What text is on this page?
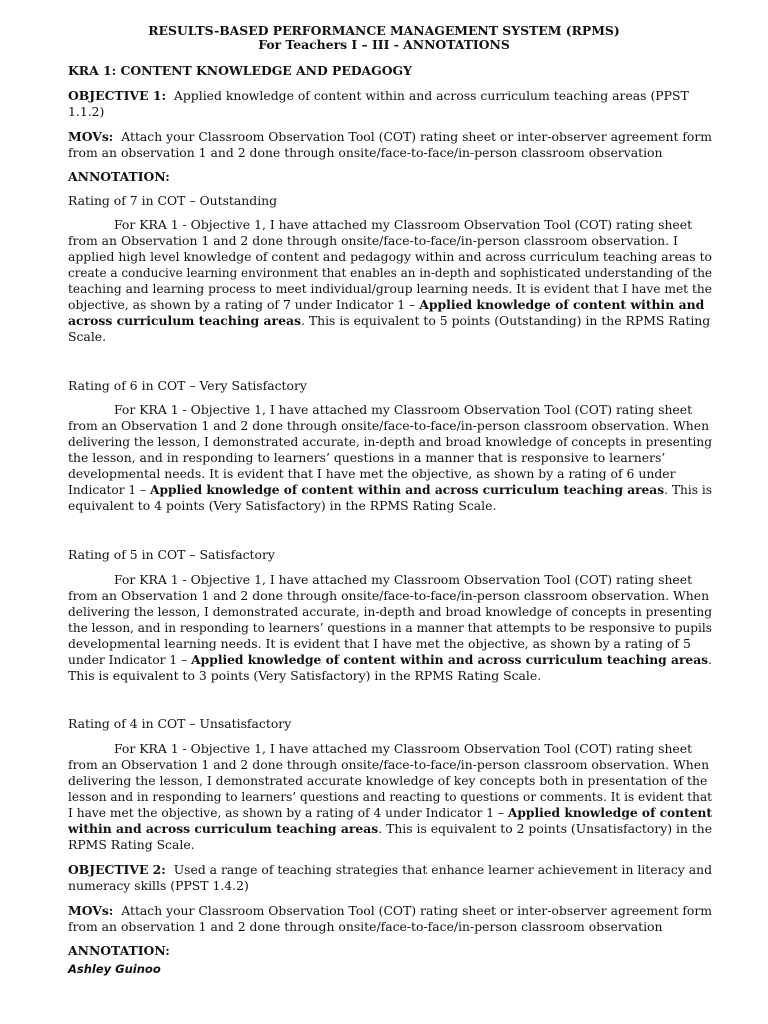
RESULTS-BASED PERFORMANCE MANAGEMENT SYSTEM (RPMS)

For Teachers I – III - ANNOTATIONS

KRA 1: CONTENT KNOWLEDGE AND PEDAGOGY

OBJECTIVE 1: Applied knowledge of content within and across curriculum teaching areas (PPST

1.1.2)

MOVs: Attach your Classroom Observation Tool (COT) rating sheet or inter-observer agreement form

from an observation 1 and 2 done through onsite/face-to-face/in-person classroom observation

ANNOTATION:

Rating of 7 in COT – Outstanding

For KRA 1 - Objective 1, I have attached my Classroom Observation Tool (COT) rating sheet

from an Observation 1 and 2 done through onsite/face-to-face/in-person classroom observation. I

applied high level knowledge of content and pedagogy within and across curriculum teaching areas to

create a conducive learning environment that enables an in-depth and sophisticated understanding of the

teaching and learning process to meet individual/group learning needs. It is evident that I have met the

objective, as shown by a rating of 7 under Indicator 1 – Applied knowledge of content within and

across curriculum teaching areas. This is equivalent to 5 points (Outstanding) in the RPMS Rating

Scale.

Rating of 6 in COT – Very Satisfactory

For KRA 1 - Objective 1, I have attached my Classroom Observation Tool (COT) rating sheet

from an Observation 1 and 2 done through onsite/face-to-face/in-person classroom observation. When

delivering the lesson, I demonstrated accurate, in-depth and broad knowledge of concepts in presenting

the lesson, and in responding to learners’ questions in a manner that is responsive to learners’

developmental needs. It is evident that I have met the objective, as shown by a rating of 6 under

Indicator 1 – Applied knowledge of content within and across curriculum teaching areas. This is

equivalent to 4 points (Very Satisfactory) in the RPMS Rating Scale.

Rating of 5 in COT – Satisfactory

For KRA 1 - Objective 1, I have attached my Classroom Observation Tool (COT) rating sheet

from an Observation 1 and 2 done through onsite/face-to-face/in-person classroom observation. When

delivering the lesson, I demonstrated accurate, in-depth and broad knowledge of concepts in presenting

the lesson, and in responding to learners’ questions in a manner that attempts to be responsive to pupils

developmental learning needs. It is evident that I have met the objective, as shown by a rating of 5

under Indicator 1 – Applied knowledge of content within and across curriculum teaching areas.

This is equivalent to 3 points (Very Satisfactory) in the RPMS Rating Scale.

Rating of 4 in COT – Unsatisfactory

For KRA 1 - Objective 1, I have attached my Classroom Observation Tool (COT) rating sheet

from an Observation 1 and 2 done through onsite/face-to-face/in-person classroom observation. When

delivering the lesson, I demonstrated accurate knowledge of key concepts both in presentation of the

lesson and in responding to learners’ questions and reacting to questions or comments. It is evident that

I have met the objective, as shown by a rating of 4 under Indicator 1 – Applied knowledge of content

within and across curriculum teaching areas. This is equivalent to 2 points (Unsatisfactory) in the

RPMS Rating Scale.

OBJECTIVE 2: Used a range of teaching strategies that enhance learner achievement in literacy and

numeracy skills (PPST 1.4.2)

MOVs: Attach your Classroom Observation Tool (COT) rating sheet or inter-observer agreement form

from an observation 1 and 2 done through onsite/face-to-face/in-person classroom observation

ANNOTATION:

Ashley Guinoo
